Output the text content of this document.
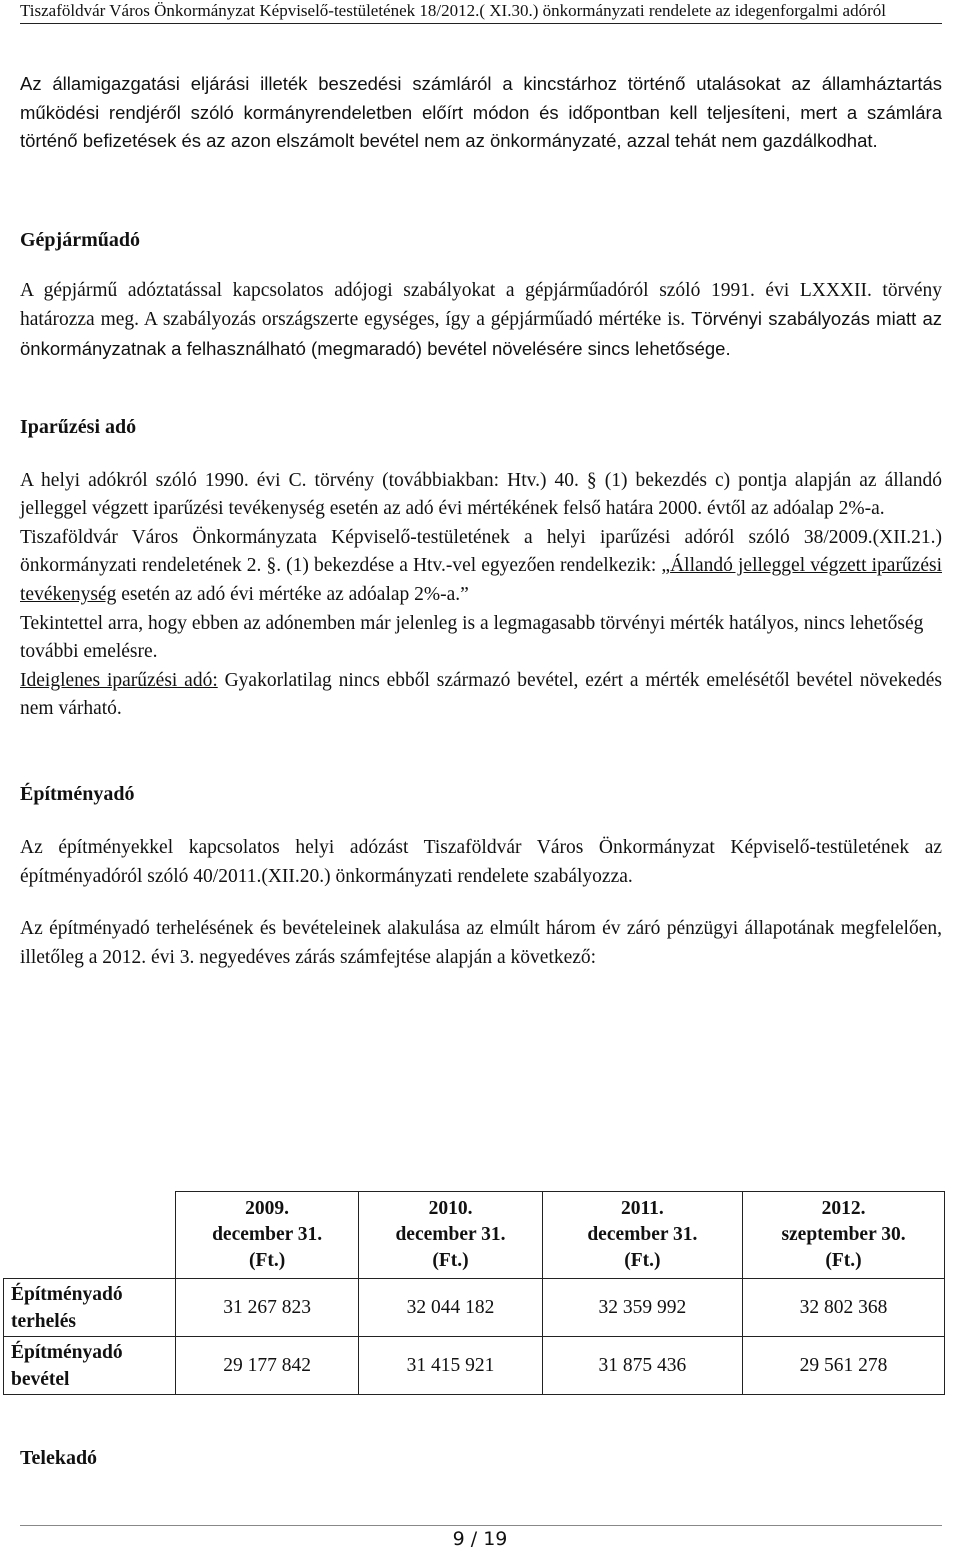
Tiszaföldvár Város Önkormányzat Képviselő-testületének 18/2012.( XI.30.) önkormányzati rendelete az idegenforgalmi adóról

Az államigazgatási eljárási illeték beszedési számláról a kincstárhoz történő utalásokat az államháztartás működési rendjéről szóló kormányrendeletben előírt módon és időpontban kell teljesíteni, mert a számlára történő befizetések és az azon elszámolt bevétel nem az önkormányzaté, azzal tehát nem gazdálkodhat.

Gépjárműadó

A gépjármű adóztatással kapcsolatos adójogi szabályokat a gépjárműadóról szóló 1991. évi LXXXII. törvény határozza meg. A szabályozás országszerte egységes, így a gépjárműadó mértéke is. Törvényi szabályozás miatt az önkormányzatnak a felhasználható (megmaradó) bevétel növelésére sincs lehetősége.

Iparűzési adó

A helyi adókról szóló 1990. évi C. törvény (továbbiakban: Htv.) 40. § (1) bekezdés c) pontja alapján az állandó jelleggel végzett iparűzési tevékenység esetén az adó évi mértékének felső határa 2000. évtől az adóalap 2%-a.

Tiszaföldvár Város Önkormányzata Képviselő-testületének a helyi iparűzési adóról szóló 38/2009.(XII.21.) önkormányzati rendeletének 2. §. (1) bekezdése a Htv.-vel egyezően rendelkezik: „Állandó jelleggel végzett iparűzési tevékenység esetén az adó évi mértéke az adóalap 2%-a.”

Tekintettel arra, hogy ebben az adónemben már jelenleg is a legmagasabb törvényi mérték hatályos, nincs lehetőség további emelésre.

Ideiglenes iparűzési adó: Gyakorlatilag nincs ebből származó bevétel, ezért a mérték emelésétől bevétel növekedés nem várható.

Építményadó

Az építményekkel kapcsolatos helyi adózást Tiszaföldvár Város Önkormányzat Képviselő-testületének az építményadóról szóló 40/2011.(XII.20.) önkormányzati rendelete szabályozza.

Az építményadó terhelésének és bevételeinek alakulása az elmúlt három év záró pénzügyi állapotának megfelelően, illetőleg a 2012. évi 3. negyedéves zárás számfejtése alapján a következő:

	2009.
december 31.
(Ft.)	2010.
december 31.
(Ft.)	2011.
december 31.
(Ft.)	2012.
szeptember 30.
(Ft.)
Építményadó
terhelés	31 267 823	32 044 182	32 359 992	32 802 368
Építményadó
bevétel	29 177 842	31 415 921	31 875 436	29 561 278
Telekadó
9 / 19
